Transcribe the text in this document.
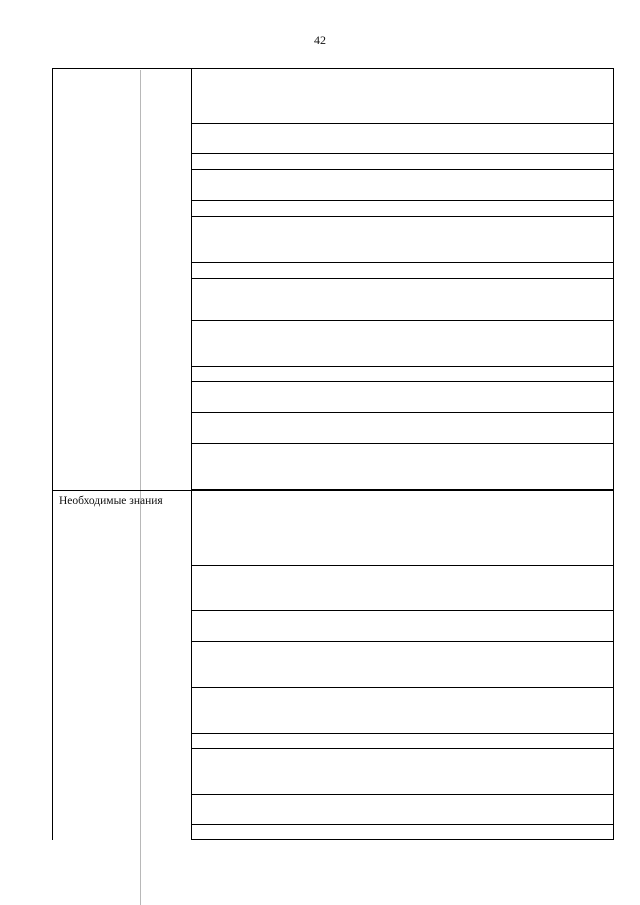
42
Необходимые знания
